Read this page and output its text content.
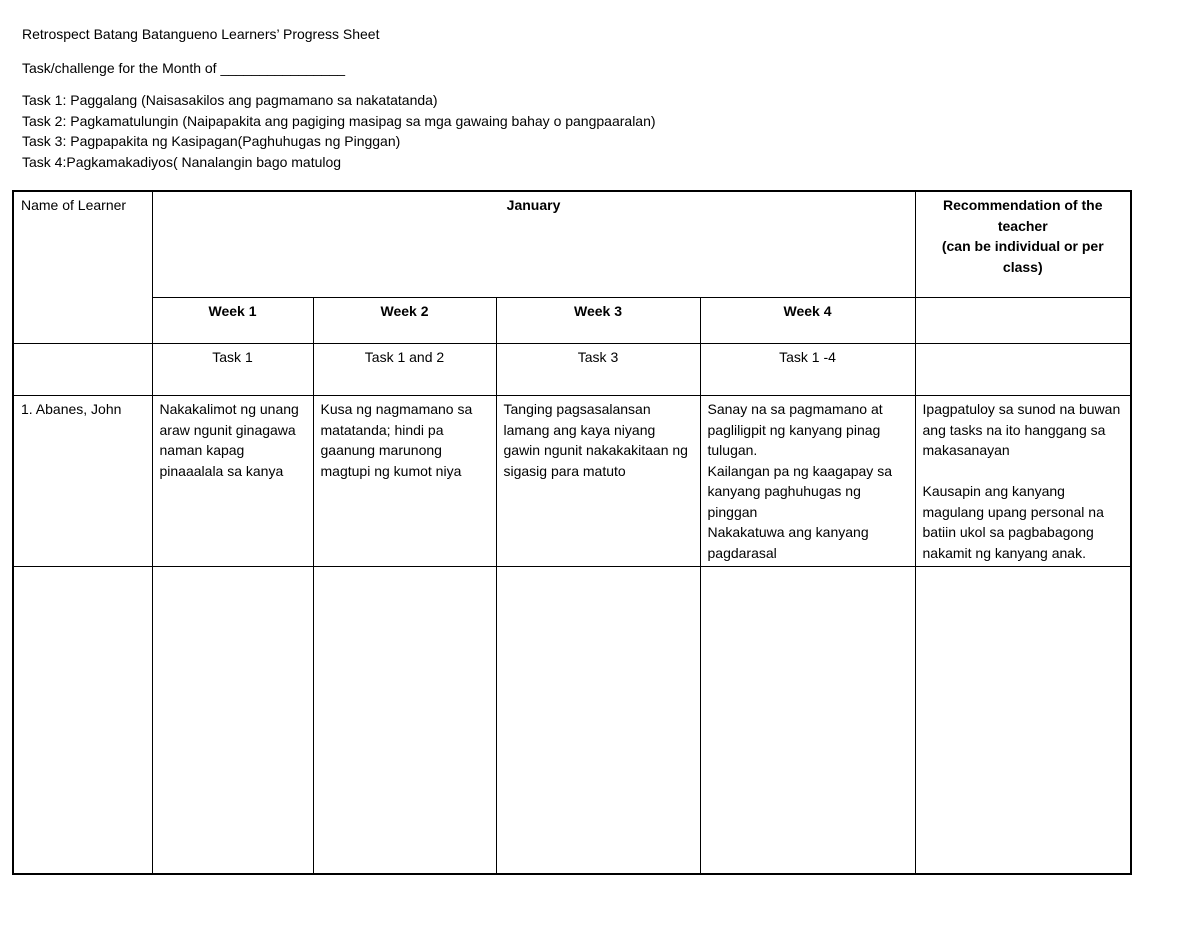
Retrospect Batang Batangueno Learners’ Progress Sheet
Task/challenge for the Month of ________________
Task 1: Paggalang (Naisasakilos ang pagmamano sa nakatatanda)
Task 2: Pagkamatulungin (Naipapakita ang pagiging masipag sa mga gawaing bahay o pangpaaralan)
Task 3: Pagpapakita ng Kasipagan(Paghuhugas ng Pinggan)
Task 4:Pagkamakadiyos( Nanalangin bago matulog
Name of Learner	January				Recommendation of the teacher
(can be individual or per class)
	Week 1	Week 2	Week 3	Week 4	
	Task 1	Task 1 and 2	Task 3	Task 1 -4	
1. Abanes, John	Nakakalimot ng unang araw ngunit ginagawa naman kapag pinaaalala sa kanya	Kusa ng nagmamano sa matatanda; hindi pa gaanung marunong magtupi ng kumot niya	Tanging pagsasalansan lamang ang kaya niyang gawin ngunit nakakakitaan ng sigasig para matuto	Sanay na sa pagmamano at pagliligpit ng kanyang pinag tulugan.
Kailangan pa ng kaagapay sa kanyang paghuhugas ng pinggan
Nakakatuwa ang kanyang pagdarasal	Ipagpatuloy sa sunod na buwan ang tasks na ito hanggang sa makasanayan

Kausapin ang kanyang magulang upang personal na batiin ukol sa pagbabagong nakamit ng kanyang anak.
